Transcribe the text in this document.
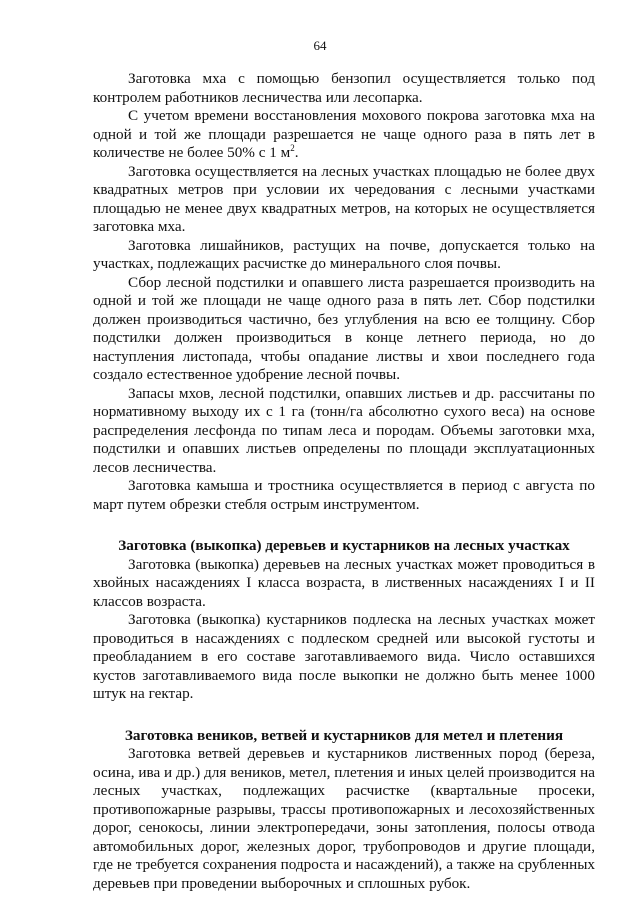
64

Заготовка мха с помощью бензопил осуществляется только под контролем работников лесничества или лесопарка.

С учетом времени восстановления мохового покрова заготовка мха на одной и той же площади разрешается не чаще одного раза в пять лет в количестве не более 50% с 1 $м^2$.

Заготовка осуществляется на лесных участках площадью не более двух квадратных метров при условии их чередования с лесными участками площадью не менее двух квадратных метров, на которых не осуществляется заготовка мха.

Заготовка лишайников, растущих на почве, допускается только на участках, подлежащих расчистке до минерального слоя почвы.

Сбор лесной подстилки и опавшего листа разрешается производить на одной и той же площади не чаще одного раза в пять лет. Сбор подстилки должен производиться частично, без углубления на всю ее толщину. Сбор подстилки должен производиться в конце летнего периода, но до наступления листопада, чтобы опадание листвы и хвои последнего года создало естественное удобрение лесной почвы.

Запасы мхов, лесной подстилки, опавших листьев и др. рассчитаны по нормативному выходу их с 1 га (тонн/га абсолютно сухого веса) на основе распределения лесфонда по типам леса и породам. Объемы заготовки мха, подстилки и опавших листьев определены по площади эксплуатационных лесов лесничества.

Заготовка камыша и тростника осуществляется в период с августа по март путем обрезки стебля острым инструментом.

Заготовка (выкопка) деревьев и кустарников на лесных участках

Заготовка (выкопка) деревьев на лесных участках может проводиться в хвойных насаждениях I класса возраста, в лиственных насаждениях I и II классов возраста.

Заготовка (выкопка) кустарников подлеска на лесных участках может проводиться в насаждениях с подлеском средней или высокой густоты и преобладанием в его составе заготавливаемого вида. Число оставшихся кустов заготавливаемого вида после выкопки не должно быть менее 1000 штук на гектар.

Заготовка веников, ветвей и кустарников для метел и плетения

Заготовка ветвей деревьев и кустарников лиственных пород (береза, осина, ива и др.) для веников, метел, плетения и иных целей производится на лесных участках, подлежащих расчистке (квартальные просеки, противопожарные разрывы, трассы противопожарных и лесохозяйственных дорог, сенокосы, линии электропередачи, зоны затопления, полосы отвода автомобильных дорог, железных дорог, трубопроводов и другие площади, где не требуется сохранения подроста и насаждений), а также на срубленных деревьев при проведении выборочных и сплошных рубок.
